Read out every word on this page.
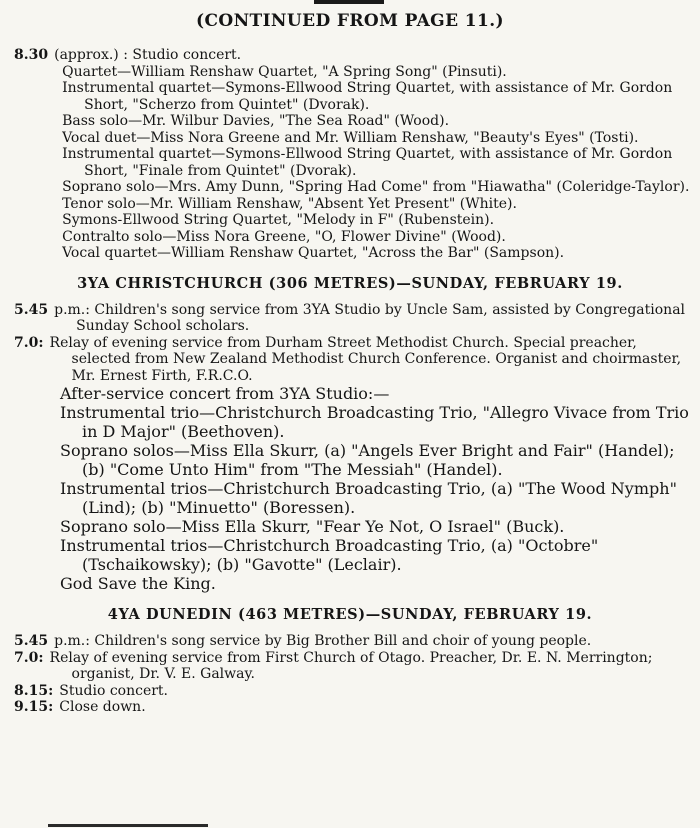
(CONTINUED FROM PAGE 11.)
8.30 (approx.) : Studio concert.
Quartet—William Renshaw Quartet, "A Spring Song" (Pinsuti).
Instrumental quartet—Symons-Ellwood String Quartet, with assistance of Mr. Gordon Short, "Scherzo from Quintet" (Dvorak).
Bass solo—Mr. Wilbur Davies, "The Sea Road" (Wood).
Vocal duet—Miss Nora Greene and Mr. William Renshaw, "Beauty's Eyes" (Tosti).
Instrumental quartet—Symons-Ellwood String Quartet, with assistance of Mr. Gordon Short, "Finale from Quintet" (Dvorak).
Soprano solo—Mrs. Amy Dunn, "Spring Had Come" from "Hiawatha" (Coleridge-Taylor).
Tenor solo—Mr. William Renshaw, "Absent Yet Present" (White).
Symons-Ellwood String Quartet, "Melody in F" (Rubenstein).
Contralto solo—Miss Nora Greene, "O, Flower Divine" (Wood).
Vocal quartet—William Renshaw Quartet, "Across the Bar" (Sampson).
3YA CHRISTCHURCH (306 METRES)—SUNDAY, FEBRUARY 19.
5.45 p.m.: Children's song service from 3YA Studio by Uncle Sam, assisted by Congregational Sunday School scholars.
7.0: Relay of evening service from Durham Street Methodist Church. Special preacher, selected from New Zealand Methodist Church Conference. Organist and choirmaster, Mr. Ernest Firth, F.R.C.O.
After-service concert from 3YA Studio:—
Instrumental trio—Christchurch Broadcasting Trio, "Allegro Vivace from Trio in D Major" (Beethoven).
Soprano solos—Miss Ella Skurr, (a) "Angels Ever Bright and Fair" (Handel); (b) "Come Unto Him" from "The Messiah" (Handel).
Instrumental trios—Christchurch Broadcasting Trio, (a) "The Wood Nymph" (Lind); (b) "Minuetto" (Boressen).
Soprano solo—Miss Ella Skurr, "Fear Ye Not, O Israel" (Buck).
Instrumental trios—Christchurch Broadcasting Trio, (a) "Octobre" (Tschaikowsky); (b) "Gavotte" (Leclair).
God Save the King.
4YA DUNEDIN (463 METRES)—SUNDAY, FEBRUARY 19.
5.45 p.m.: Children's song service by Big Brother Bill and choir of young people.
7.0: Relay of evening service from First Church of Otago. Preacher, Dr. E. N. Merrington; organist, Dr. V. E. Galway.
8.15: Studio concert.
9.15: Close down.
